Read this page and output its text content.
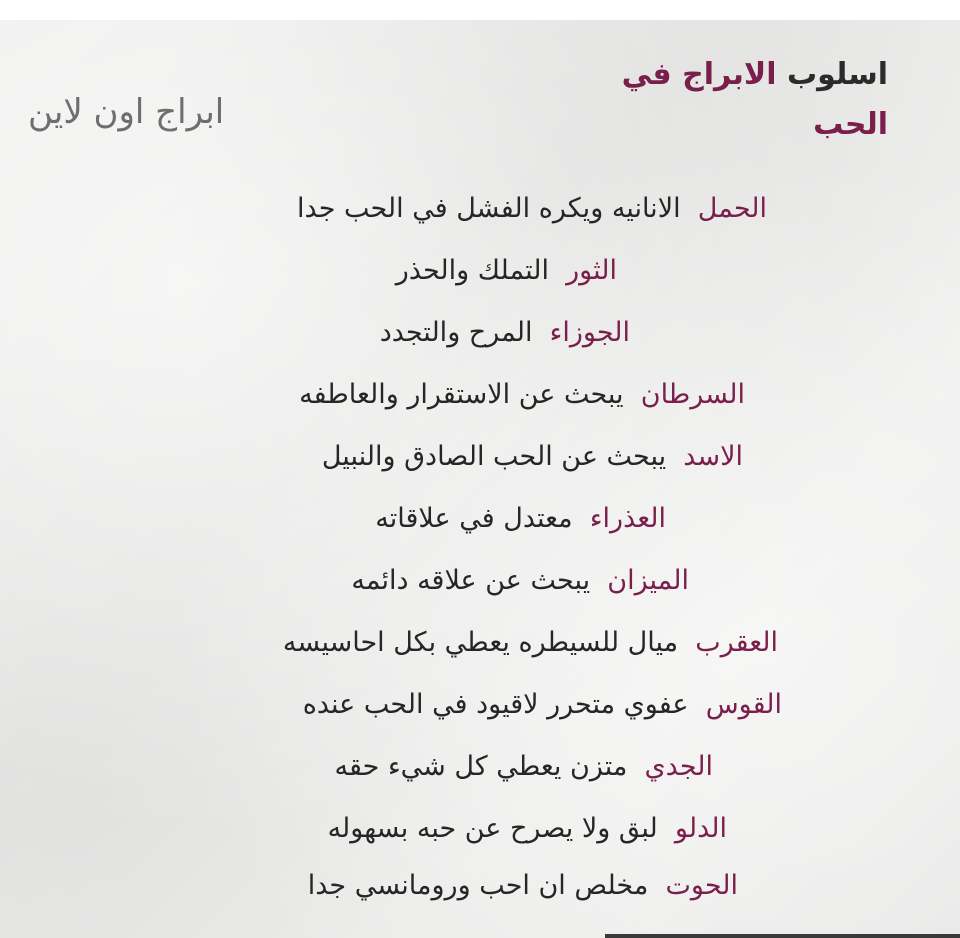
اسلوب الابراج في
الحب
ابراج اون لاين
الحمل  الانانيه ويكره الفشل في الحب جدا
الثور  التملك والحذر
الجوزاء  المرح والتجدد
السرطان  يبحث عن الاستقرار والعاطفه
الاسد  يبحث عن الحب الصادق والنبيل
العذراء  معتدل في علاقاته
الميزان  يبحث عن علاقه دائمه
العقرب  ميال للسيطره يعطي بكل احاسيسه
القوس  عفوي متحرر لاقيود في الحب عنده
الجدي  متزن يعطي كل شيء حقه
الدلو  لبق ولا يصرح عن حبه بسهوله
الحوت  مخلص ان احب ورومانسي جدا
